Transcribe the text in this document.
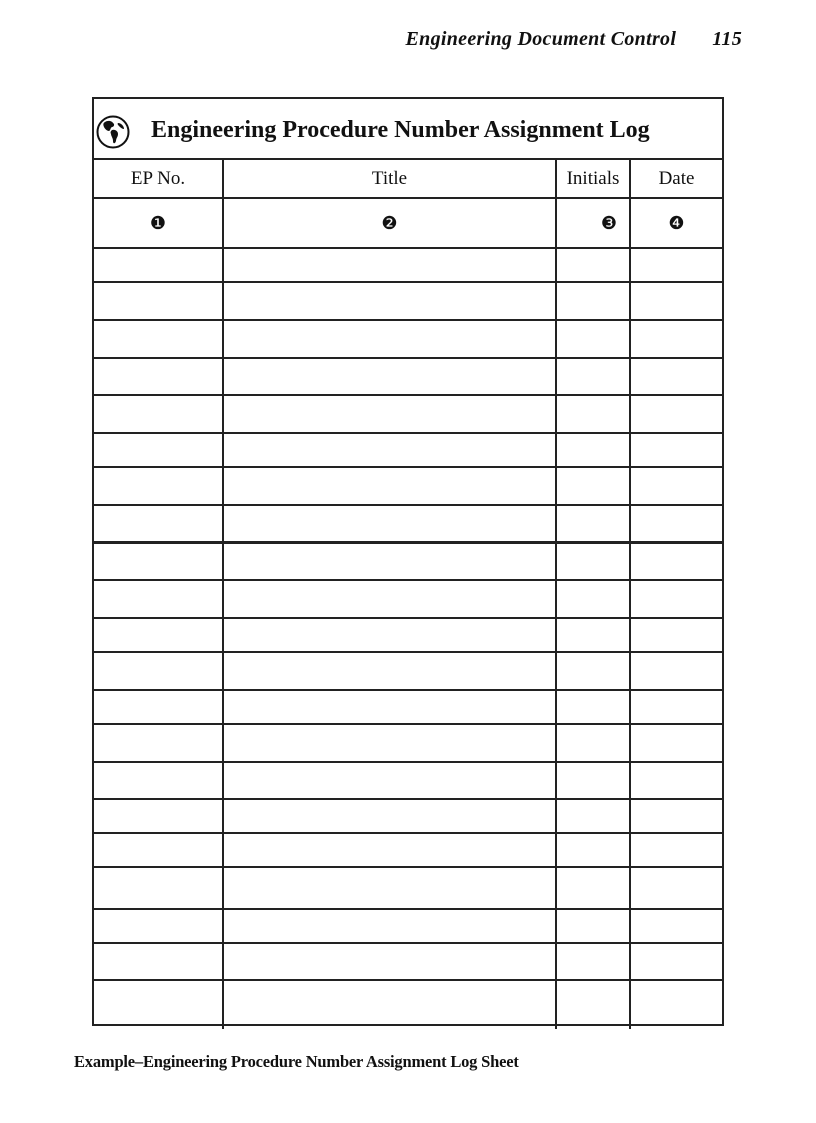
Engineering Document Control 115
Engineering Procedure Number Assignment Log
EP No.	Title	Initials	Date
❶	❷	❸	❹
Example–Engineering Procedure Number Assignment Log Sheet
